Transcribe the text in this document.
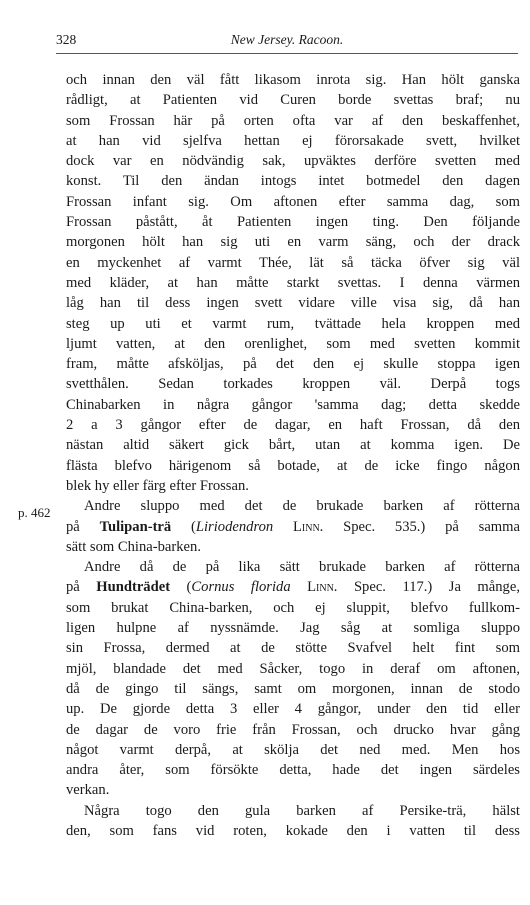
328	New Jersey. Racoon.
p. 462
och innan den väl fått likasom inrota sig. Han hölt ganska
rådligt, at Patienten vid Curen borde svettas braf; nu
som Frossan här på orten ofta var af den beskaffenhet,
at han vid sjelfva hettan ej förorsakade svett, hvilket
dock var en nödvändig sak, upväktes derföre svetten med
konst. Til den ändan intogs intet botmedel den dagen
Frossan infant sig. Om aftonen efter samma dag, som
Frossan påstått, åt Patienten ingen ting. Den följande
morgonen hölt han sig uti en varm säng, och der drack
en myckenhet af varmt Thée, lät så täcka öfver sig väl
med kläder, at han måtte starkt svettas. I denna värmen
låg han til dess ingen svett vidare ville visa sig, då han
steg up uti et varmt rum, tvättade hela kroppen med
ljumt vatten, at den orenlighet, som med svetten kommit
fram, måtte afsköljas, på det den ej skulle stoppa igen
svetthålen. Sedan torkades kroppen väl. Derpå togs
Chinabarken in några gångor 'samma dag; detta skedde
2 a 3 gångor efter de dagar, en haft Frossan, då den
nästan altid säkert gick bårt, utan at komma igen. De
flästa blefvo härigenom så botade, at de icke fingo någon
blek hy eller färg efter Frossan.
Andre sluppo med det de brukade barken af rötterna
på Tulipan-trä (Liriodendron Linn. Spec. 535.) på samma
sätt som China-barken.
Andre då de på lika sätt brukade barken af rötterna
på Hundträdet (Cornus florida Linn. Spec. 117.) Ja månge,
som brukat China-barken, och ej sluppit, blefvo fullkom-
ligen hulpne af nyssnämde. Jag såg at somliga sluppo
sin Frossa, dermed at de stötte Svafvel helt fint som
mjöl, blandade det med Såcker, togo in deraf om aftonen,
då de gingo til sängs, samt om morgonen, innan de stodo
up. De gjorde detta 3 eller 4 gångor, under den tid eller
de dagar de voro frie från Frossan, och drucko hvar gång
något varmt derpå, at skölja det ned med. Men hos
andra åter, som försökte detta, hade det ingen särdeles
verkan.
Några togo den gula barken af Persike-trä, hälst
den, som fans vid roten, kokade den i vatten til dess
